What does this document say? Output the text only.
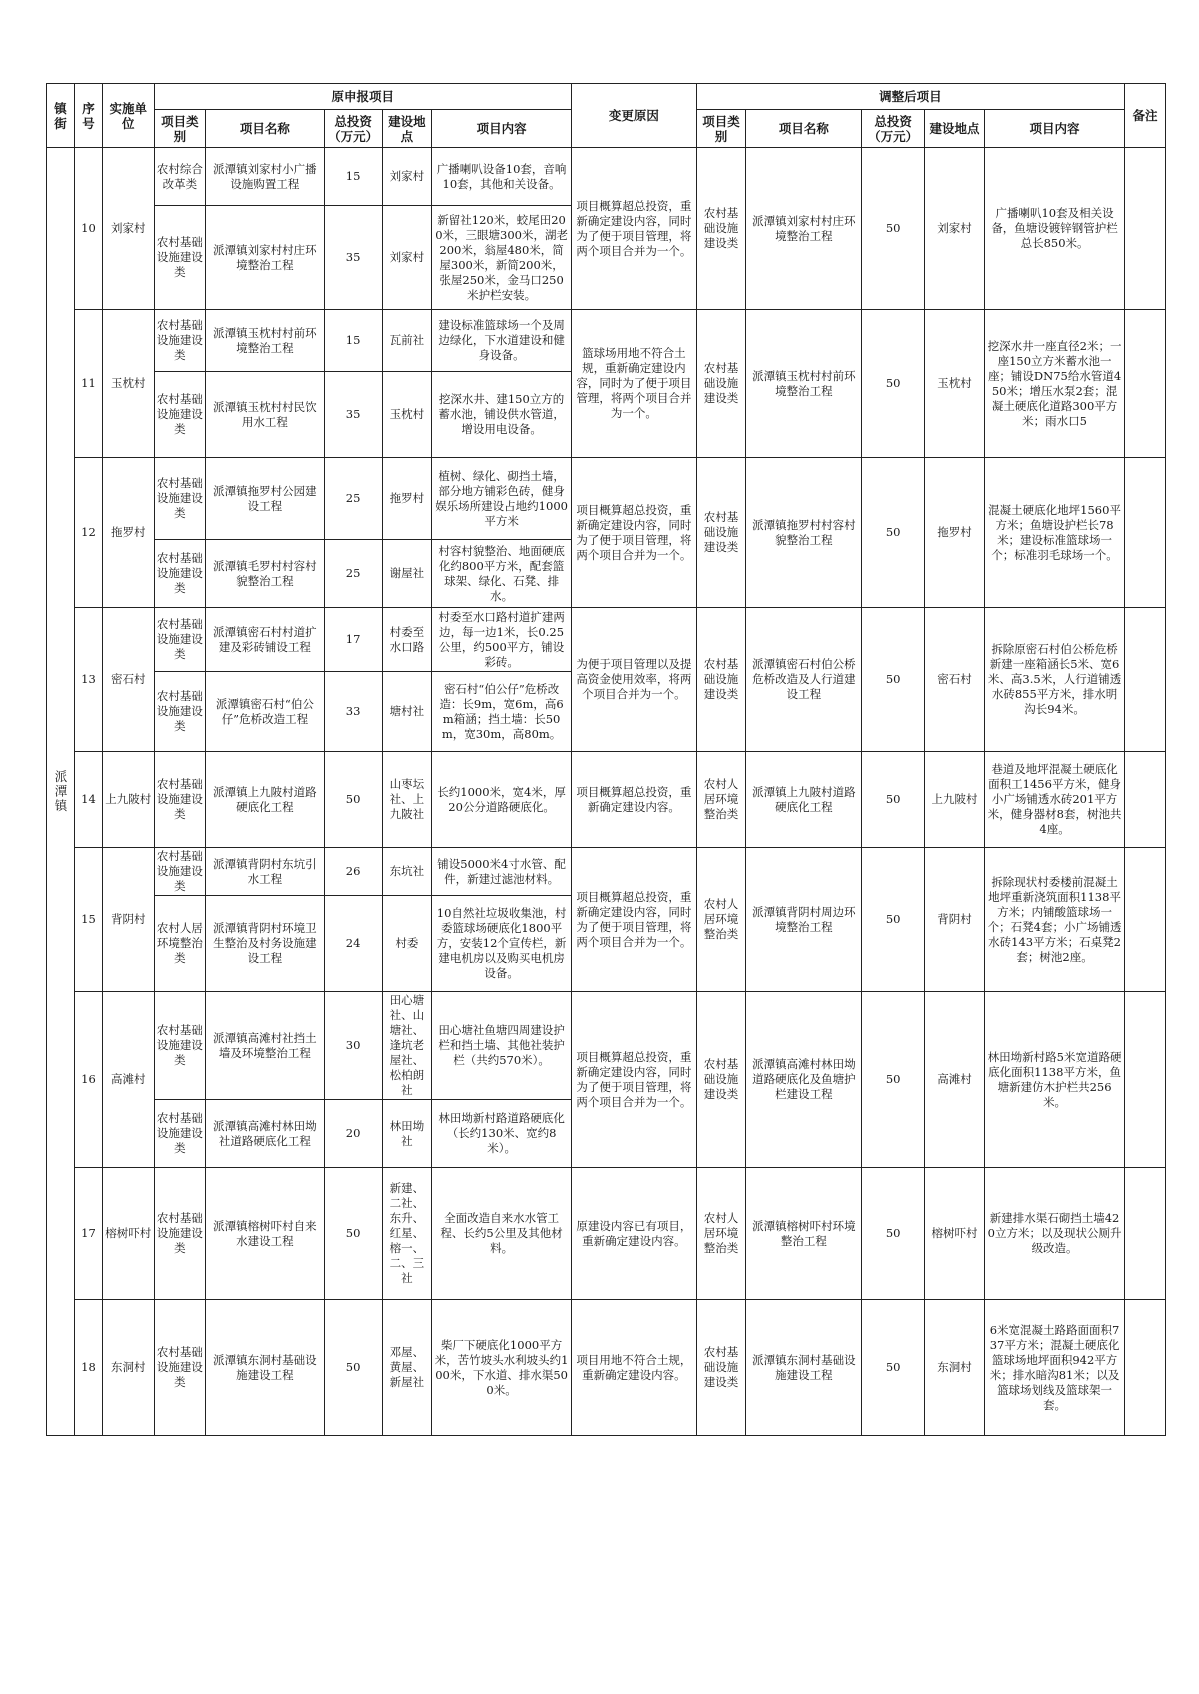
镇街	序号	实施单位	原申报项目					变更原因	调整后项目					备注
			项目类别	项目名称	总投资（万元）	建设地点	项目内容		项目类别	项目名称	总投资（万元）	建设地点	项目内容	
派潭镇	10	刘家村	农村综合改革类	派潭镇刘家村小广播设施购置工程	15	刘家村	广播喇叭设备10套，音响10套，其他和关设备。	项目概算超总投资，重新确定建设内容，同时为了便于项目管理，将两个项目合并为一个。	农村基础设施建设类	派潭镇刘家村村庄环境整治工程	50	刘家村	广播喇叭10套及相关设备，鱼塘设镀锌钢管护栏总长850米。	
			农村基础设施建设类	派潭镇刘家村村庄环境整治工程	35	刘家村	新留社120米，蛟尾田200米，三眼塘300米，湖老200米，翁屋480米，简屋300米，新简200米，张屋250米，金马口250米护栏安装。							
	11	玉枕村	农村基础设施建设类	派潭镇玉枕村村前环境整治工程	15	瓦前社	建设标准篮球场一个及周边绿化，下水道建设和健身设备。	篮球场用地不符合土规，重新确定建设内容，同时为了便于项目管理，将两个项目合并为一个。	农村基础设施建设类	派潭镇玉枕村村前环境整治工程	50	玉枕村	挖深水井一座直径2米；一座150立方米蓄水池一座；铺设DN75给水管道450米；增压水泵2套；混凝土硬底化道路300平方米；雨水口5	
			农村基础设施建设类	派潭镇玉枕村村民饮用水工程	35	玉枕村	挖深水井、建150立方的蓄水池，铺设供水管道，增设用电设备。							
	12	拖罗村	农村基础设施建设类	派潭镇拖罗村公园建设工程	25	拖罗村	植树、绿化、砌挡土墙，部分地方铺彩色砖，健身娱乐场所建设占地约1000平方米	项目概算超总投资，重新确定建设内容，同时为了便于项目管理，将两个项目合并为一个。	农村基础设施建设类	派潭镇拖罗村村容村貌整治工程	50	拖罗村	混凝土硬底化地坪1560平方米；鱼塘设护栏长78米；建设标准篮球场一个；标准羽毛球场一个。	
			农村基础设施建设类	派潭镇毛罗村村容村貌整治工程	25	谢屋社	村容村貌整治、地面硬底化约800平方米，配套篮球架、绿化、石凳、排水。							
	13	密石村	农村基础设施建设类	派潭镇密石村村道扩建及彩砖铺设工程	17	村委至水口路	村委至水口路村道扩建两边，每一边1米，长0.25公里，约500平方，铺设彩砖。	为便于项目管理以及提高资金使用效率，将两个项目合并为一个。	农村基础设施建设类	派潭镇密石村伯公桥危桥改造及人行道建设工程	50	密石村	拆除原密石村伯公桥危桥新建一座箱涵长5米、宽6米、高3.5米，人行道铺透水砖855平方米，排水明沟长94米。	
			农村基础设施建设类	派潭镇密石村“伯公仔”危桥改造工程	33	塘村社	密石村“伯公仔”危桥改造：长9m，宽6m，高6m箱涵；挡土墙：长50m，宽30m，高80m。							
	14	上九陂村	农村基础设施建设类	派潭镇上九陂村道路硬底化工程	50	山枣坛社、上九陂社	长约1000米，宽4米，厚20公分道路硬底化。	项目概算超总投资，重新确定建设内容。	农村人居环境整治类	派潭镇上九陂村道路硬底化工程	50	上九陂村	巷道及地坪混凝土硬底化面积工1456平方米，健身小广场铺透水砖201平方米，健身器材8套，树池共4座。	
	15	背阴村	农村基础设施建设类	派潭镇背阴村东坑引水工程	26	东坑社	铺设5000米4寸水管、配件，新建过滤池材料。	项目概算超总投资，重新确定建设内容，同时为了便于项目管理，将两个项目合并为一个。	农村人居环境整治类	派潭镇背阴村周边环境整治工程	50	背阴村	拆除现状村委楼前混凝土地坪重新浇筑面积1138平方米；内铺酸篮球场一个；石凳4套；小广场铺透水砖143平方米；石桌凳2套；树池2座。	
			农村人居环境整治类	派潭镇背阴村环境卫生整治及村务设施建设工程	24	村委	10自然社垃圾收集池，村委篮球场硬底化1800平方，安装12个宣传栏，新建电机房以及购买电机房设备。							
	16	高滩村	农村基础设施建设类	派潭镇高滩村社挡土墙及环境整治工程	30	田心塘社、山塘社、逢坑老屋社、松柏朗社	田心塘社鱼塘四周建设护栏和挡土墙、其他社装护栏（共约570米）。	项目概算超总投资，重新确定建设内容，同时为了便于项目管理，将两个项目合并为一个。	农村基础设施建设类	派潭镇高滩村林田坳道路硬底化及鱼塘护栏建设工程	50	高滩村	林田坳新村路5米宽道路硬底化面积1138平方米，鱼塘新建仿木护栏共256米。	
			农村基础设施建设类	派潭镇高滩村林田坳社道路硬底化工程	20	林田坳社	林田坳新村路道路硬底化（长约130米、宽约8米）。							
	17	榕树吓村	农村基础设施建设类	派潭镇榕树吓村自来水建设工程	50	新建、二社、东升、红星、榕一、二、三社	全面改造自来水水管工程、长约5公里及其他材料。	原建设内容已有项目，重新确定建设内容。	农村人居环境整治类	派潭镇榕树吓村环境整治工程	50	榕树吓村	新建排水渠石砌挡土墙420立方米；以及现状公厕升级改造。	
	18	东洞村	农村基础设施建设类	派潭镇东洞村基础设施建设工程	50	邓屋、黄屋、新屋社	柴厂下硬底化1000平方米，苦竹坡头水利坡头约100米，下水道、排水渠500米。	项目用地不符合土规，重新确定建设内容。	农村基础设施建设类	派潭镇东洞村基础设施建设工程	50	东洞村	6米宽混凝土路路面面积737平方米；混凝土硬底化篮球场地坪面积942平方米；排水暗沟81米；以及篮球场划线及篮球架一套。	
